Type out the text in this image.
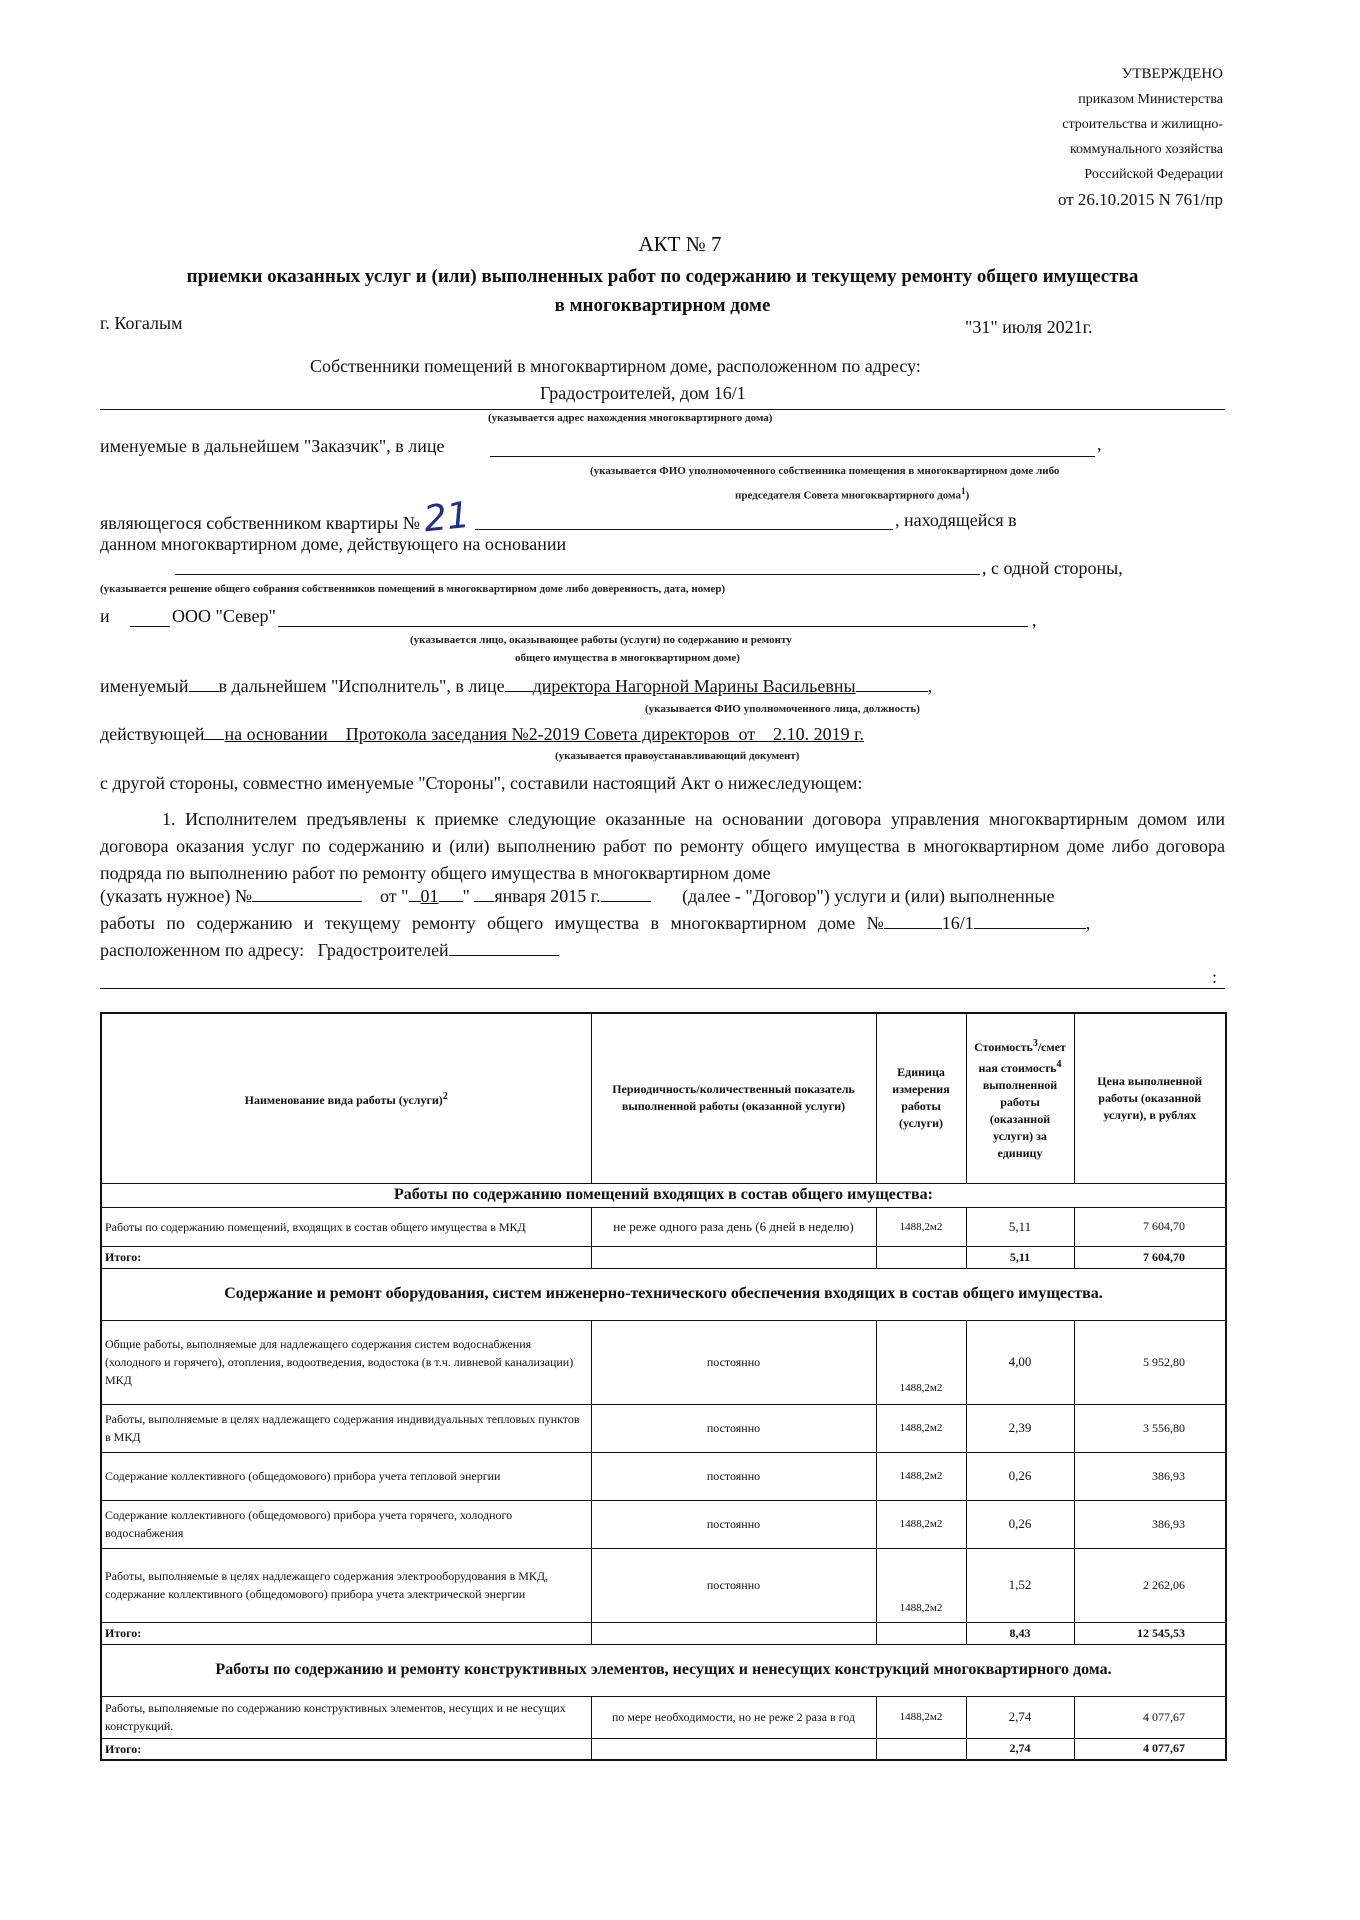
УТВЕРЖДЕНО
приказом Министерства
строительства и жилищно-
коммунального хозяйства
Российской Федерации
от 26.10.2015 N 761/пр
АКТ № 7
приемки оказанных услуг и (или) выполненных работ по содержанию и текущему ремонту общего имущества
в многоквартирном доме
г. Когалым	"31" июля 2021г.
Собственники помещений в многоквартирном доме, расположенном по адресу:
Градостроителей, дом 16/1
(указывается адрес нахождения многоквартирного дома)
именуемые в дальнейшем "Заказчик", в лице	,
(указывается ФИО уполномоченного собственника помещения в многоквартирном доме либо
председателя Совета многоквартирного дома$^1$)
являющегося собственником квартиры №21	, находящейся в
данном многоквартирном доме, действующего на основании
, с одной стороны,
(указывается решение общего собрания собственников помещений в многоквартирном доме либо доверенность, дата, номер)
и	ООО "Север"	,
(указывается лицо, оказывающее работы (услуги) по содержанию и ремонту
общего имущества в многоквартирном доме)
именуемый в дальнейшем "Исполнитель", в лице директора Нагорной Марины Васильевны	,
(указывается ФИО уполномоченного лица, должность)
действующей на основании    Протокола заседания №2-2019 Совета директоров  от    2.10. 2019 г.
(указывается правоустанавливающий документ)
с другой стороны, совместно именуемые "Стороны", составили настоящий Акт о нижеследующем:
1. Исполнителем предъявлены к приемке следующие оказанные на основании договора управления многоквартирным домом или договора оказания услуг по содержанию и (или) выполнению работ по ремонту общего имущества в многоквартирном доме либо договора подряда по выполнению работ по ремонту общего имущества в многоквартирном доме
(указать нужное) №	от " 01 " января 2015 г.	(далее - "Договор") услуги и (или) выполненные
работы по содержанию и текущему ремонту общего имущества в многоквартирном доме №	16/1	,
расположенном по адресу: Градостроителей
:
Наименование вида работы (услуги)$^2$	Периодичность/количественный показатель выполненной работы (оказанной услуги)	Единица измерения работы (услуги)	Стоимость$^3$/смет ная стоимость$^4$ выполненной работы (оказанной услуги) за единицу	Цена выполненной работы (оказанной услуги), в рублях
Работы по содержанию помещений входящих в состав общего имущества:				
Работы по содержанию помещений, входящих в состав общего имущества в МКД	не реже одного раза день (6 дней в неделю)	1488,2м2	5,11	7 604,70
Итого:			5,11	7 604,70
Содержание и ремонт оборудования, систем инженерно-технического обеспечения входящих в состав общего имущества.				
Общие работы, выполняемые для надлежащего содержания систем водоснабжения (холодного и горячего), отопления, водоотведения, водостока (в т.ч. ливневой канализации) МКД	постоянно	1488,2м2	4,00	5 952,80
Работы, выполняемые в целях надлежащего содержания индивидуальных тепловых пунктов в МКД	постоянно	1488,2м2	2,39	3 556,80
Содержание коллективного (общедомового) прибора учета тепловой энергии	постоянно	1488,2м2	0,26	386,93
Содержание коллективного (общедомового) прибора учета горячего, холодного водоснабжения	постоянно	1488,2м2	0,26	386,93
Работы, выполняемые в целях надлежащего содержания электрооборудования в МКД, содержание коллективного (общедомового) прибора учета электрической энергии	постоянно	1488,2м2	1,52	2 262,06
Итого:			8,43	12 545,53
Работы по содержанию и ремонту конструктивных элементов, несущих и ненесущих конструкций многоквартирного дома.				
Работы, выполняемые по содержанию конструктивных элементов, несущих и не несущих конструкций.	по мере необходимости, но не реже 2 раза в год	1488,2м2	2,74	4 077,67
Итого:			2,74	4 077,67
